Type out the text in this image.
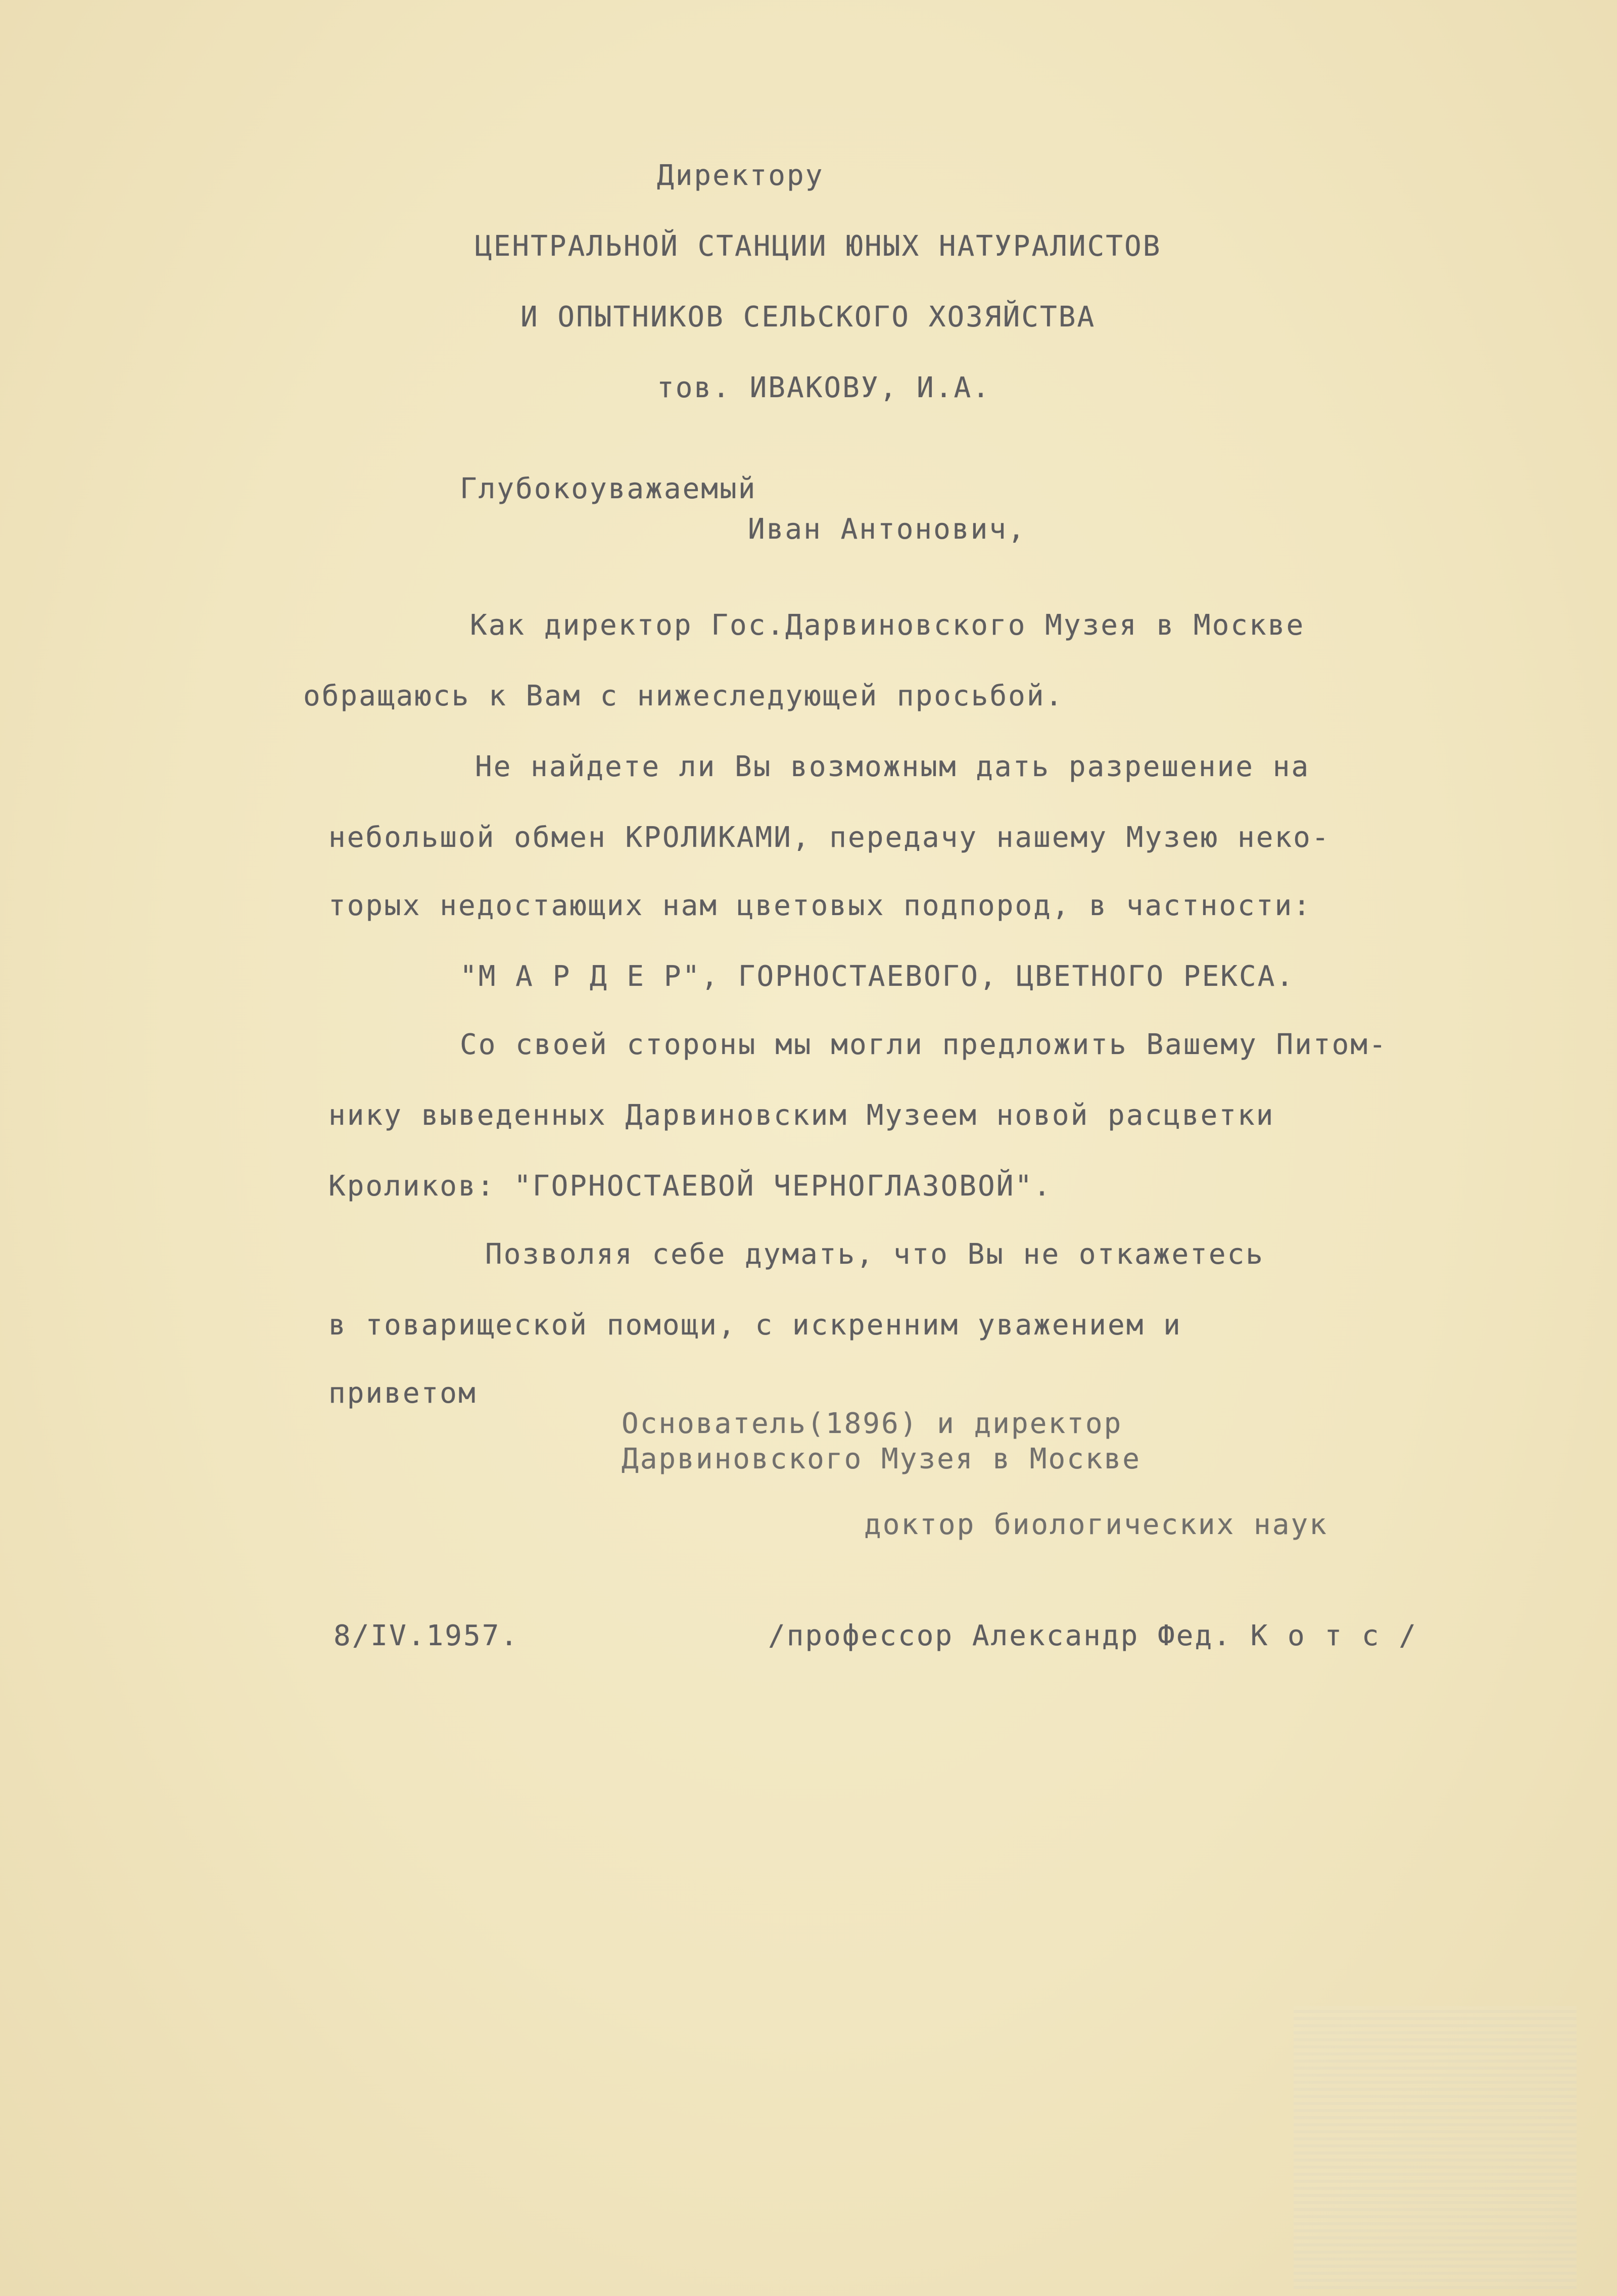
Директору
ЦЕНТРАЛЬНОЙ СТАНЦИИ ЮНЫХ НАТУРАЛИСТОВ
И ОПЫТНИКОВ СЕЛЬСКОГО ХОЗЯЙСТВА
тов. ИВАКОВУ, И.А.
Глубокоуважаемый
Иван Антонович,
Как директор Гос.Дарвиновского Музея в Москве
обращаюсь к Вам с нижеследующей просьбой.
Не найдете ли Вы возможным дать разрешение на
небольшой обмен КРОЛИКАМИ, передачу нашему Музею неко-
торых недостающих нам цветовых подпород, в частности:
"М А Р Д Е Р", ГОРНОСТАЕВОГО, ЦВЕТНОГО РЕКСА.
Со своей стороны мы могли предложить Вашему Питом-
нику выведенных Дарвиновским Музеем новой расцветки
Кроликов: "ГОРНОСТАЕВОЙ ЧЕРНОГЛАЗОВОЙ".
Позволяя себе думать, что Вы не откажетесь
в товарищеской помощи, с искренним уважением и
приветом
Основатель(1896) и директор
Дарвиновского Музея в Москве
доктор биологических наук
8/IV.1957.	/профессор Александр Фед. К о т с /
